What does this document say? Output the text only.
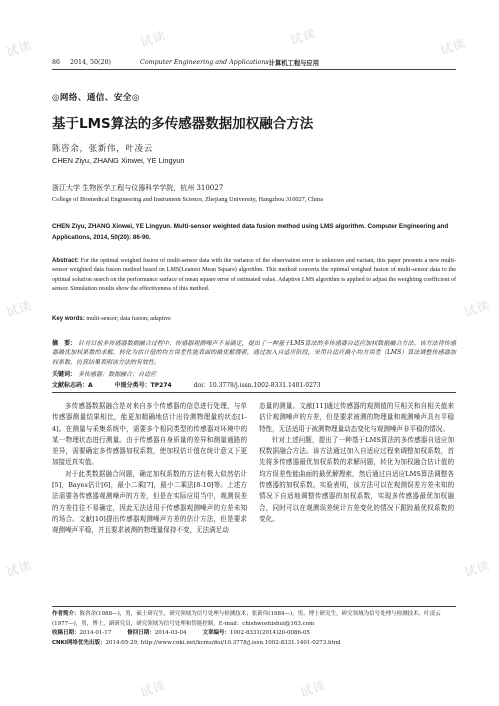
86	2014, 50(20)	Computer Engineering and Applications 计算机工程与应用
◎网络、通信、安全◎
基于LMS算法的多传感器数据加权融合方法
陈咨余，张新伟，叶凌云
CHEN Ziyu, ZHANG Xinwei, YE Lingyun
浙江大学 生物医学工程与仪器科学学院，杭州 310027
College of Biomedical Engineering and Instrument Science, Zhejiang University, Hangzhou 310027, China
CHEN Ziyu, ZHANG Xinwei, YE Lingyun. Multi-sensor weighted data fusion method using LMS algorithm. Computer Engineering and Applications, 2014, 50(20): 86-90.
Abstract: For the optimal weighed fusion of multi-sensor data with the variance of the observation error is unknown and variant, this paper presents a new multi-sensor weighted data fusion method based on LMS(Leanest Mean Square) algorithm. This method converts the optimal weighed fusion of multi-sensor data to the optimal solution search on the performance surface of mean square error of estimated value. Adaptive LMS algorithm is applied to adjust the weighting coefficient of sensor. Simulation results show the effectiveness of this method.
Key words: multi-sensor; data fusion; adaptive
摘　要： 针对目前多传感器数据融合过程中，传感器观测噪声不易确定，提出了一种基于LMS算法的多传感器自适应加权数据融合方法。该方法将传感器最优加权系数的求解，转化为估计值的均方误差性能表面的最优解搜索，通过加入自适应阶段，采用自适应最小均方误差（LMS）算法调整传感器加权系数。仿真结果表明该方法的有效性。
关键词： 多传感器；数据融合；自适应
文献标志码：A	中图分类号：TP274	doi：10.3778/j.issn.1002-8331.1401-0273

多传感器数据融合是对来自多个传感器的信息进行处理，与单传感器测量结果相比，能更加精确地估计出待测物理量的状态[1-4]。在测量与采集系统中，需要多个相同类型的传感器对环境中的某一物理状态进行测量。由于传感器自身质量的差异和测量通路的差异，需要确定多传感器加权系数，使加权估计值在统计意义下更加接近真实值。

对于此类数据融合问题，确定加权系数的方法有极大似然估计[5]，Bayes估计[6]，最小二乘[7]，最小二乘法[8-10]等。上述方法需要各传感器观测噪声的方差，但是在实际应用当中，观测误差的方差往往不易确定，因此无法适用于传感器观测噪声的方差未知的场合。文献[10]提出传感器观测噪声方差的估计方法，但是要求观测噪声平稳，并且要求被测的物理量保持不变，无法满足动

态量的测量。文献[11]通过传感器的观测值的互相关和自相关值来估计观测噪声的方差，但是要求被测的物理量和观测噪声具有平稳特性，无法适用于被测物理量动态变化与观测噪声非平稳的情况。

针对上述问题，提出了一种基于LMS算法的多传感器自适应加权数据融合方法。该方法通过加入自适应过程来调整加权系数，首先将多传感器最优加权系数的求解问题，转化为加权融合估计值的均方误差性能曲面的最优解搜索，然后通过自适应LMS算法调整各传感器的加权系数。实验表明，该方法可以在观测误差方差未知的情况下自适地调整传感器的加权系数，实现多传感器最优加权融合，同时可以在观测误差统计方差变化的情况下跟踪最优权系数的变化。

作者简介：陈咨余(1988—)，男，硕士研究生，研究领域为信号处理与检测技术；张新伟(1984—)，男，博士研究生，研究领域为信号处理与检测技术；叶凌云(1977—)，男，博士，副研究员，研究领域为信号处理和智能控制。E-mail：chishwoshishui@163.com
收稿日期：2014-01-17	修回日期：2014-03-04	文章编号：1002-8331(2014)20-0086-05
CNKI网络优先出版：2014-05-29, http://www.cnki.net/kcms/doi/10.3778/j.issn.1002-8331.1401-0273.html
试读	试读	试读	试读
试读	试读
试读	试读
试读	试读
